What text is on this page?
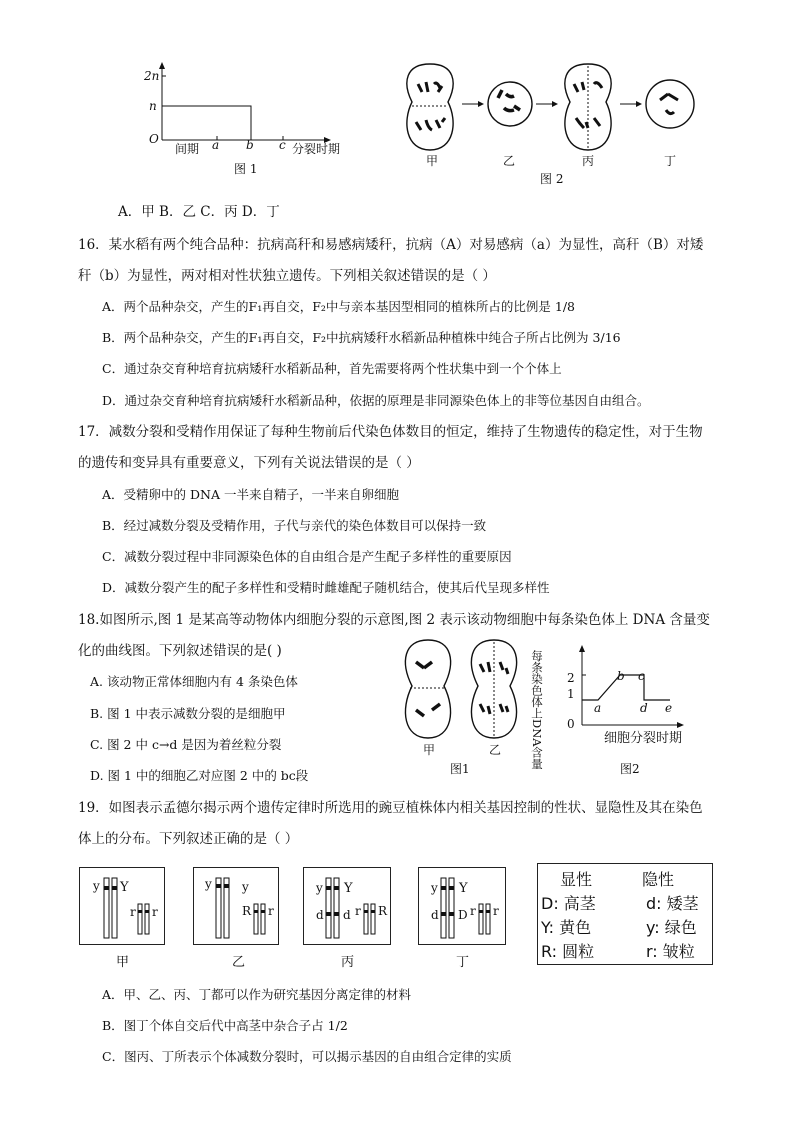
2n
n
O
间期 a b c 分裂时期
图 1
甲	乙	丙	丁
图 2
A．甲 B．乙 C．丙 D．丁
16．某水稻有两个纯合品种：抗病高秆和易感病矮秆，抗病（A）对易感病（a）为显性，高秆（B）对矮
秆（b）为显性，两对相对性状独立遗传。下列相关叙述错误的是（ ）
A．两个品种杂交，产生的F₁再自交，F₂中与亲本基因型相同的植株所占的比例是 1/8
B．两个品种杂交，产生的F₁再自交，F₂中抗病矮秆水稻新品种植株中纯合子所占比例为 3/16
C．通过杂交育种培育抗病矮秆水稻新品种，首先需要将两个性状集中到一个个体上
D．通过杂交育种培育抗病矮秆水稻新品种，依据的原理是非同源染色体上的非等位基因自由组合。
17．减数分裂和受精作用保证了每种生物前后代染色体数目的恒定，维持了生物遗传的稳定性，对于生物
的遗传和变异具有重要意义，下列有关说法错误的是（ ）
A．受精卵中的 DNA 一半来自精子，一半来自卵细胞
B．经过减数分裂及受精作用，子代与亲代的染色体数目可以保持一致
C．减数分裂过程中非同源染色体的自由组合是产生配子多样性的重要原因
D．减数分裂产生的配子多样性和受精时雌雄配子随机结合，使其后代呈现多样性
18.如图所示,图 1 是某高等动物体内细胞分裂的示意图,图 2 表示该动物细胞中每条染色体上 DNA 含量变
化的曲线图。下列叙述错误的是( )
A. 该动物正常体细胞内有 4 条染色体
B. 图 1 中表示减数分裂的是细胞甲
C. 图 2 中 c→d 是因为着丝粒分裂
D. 图 1 中的细胞乙对应图 2 中的 bc段
甲	乙
图1	每条染色体上DNA含量 2
1
0
a
b c
d e
细胞分裂时期
图2
19．如图表示孟德尔揭示两个遗传定律时所选用的豌豆植株体内相关基因控制的性状、显隐性及其在染色
体上的分布。下列叙述正确的是（ ）
y Y
r r
甲
y	y
R r
乙
y Y
d d r R
丙
y Y
d D r r
丁
显性	隐性
D: 高茎	d: 矮茎
Y: 黄色	y: 绿色
R: 圆粒	r: 皱粒
A．甲、乙、丙、丁都可以作为研究基因分离定律的材料
B．图丁个体自交后代中高茎中杂合子占 1/2
C．图丙、丁所表示个体减数分裂时，可以揭示基因的自由组合定律的实质
